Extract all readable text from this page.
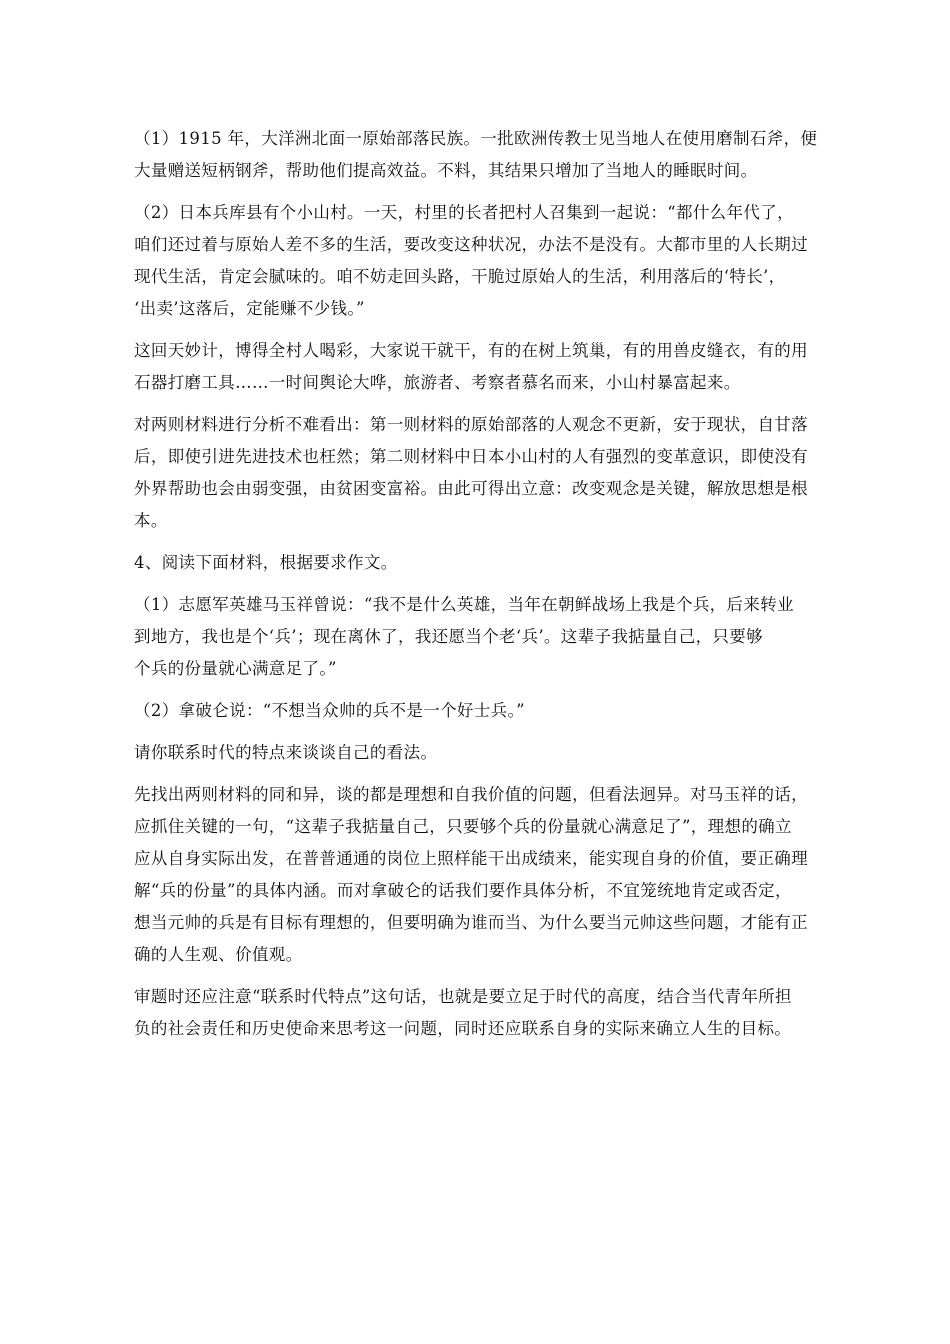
（1）1915 年，大洋洲北面一原始部落民族。一批欧洲传教士见当地人在使用磨制石斧，便
大量赠送短柄钢斧，帮助他们提高效益。不料，其结果只增加了当地人的睡眠时间。
（2）日本兵库县有个小山村。一天，村里的长者把村人召集到一起说：“都什么年代了，
咱们还过着与原始人差不多的生活，要改变这种状况，办法不是没有。大都市里的人长期过
现代生活，肯定会腻味的。咱不妨走回头路，干脆过原始人的生活，利用落后的‘特长’，
‘出卖’这落后，定能赚不少钱。”
这回天妙计，博得全村人喝彩，大家说干就干，有的在树上筑巢，有的用兽皮缝衣，有的用
石器打磨工具……一时间舆论大哗，旅游者、考察者慕名而来，小山村暴富起来。
对两则材料进行分析不难看出：第一则材料的原始部落的人观念不更新，安于现状，自甘落
后，即使引进先进技术也枉然；第二则材料中日本小山村的人有强烈的变革意识，即使没有
外界帮助也会由弱变强，由贫困变富裕。由此可得出立意：改变观念是关键，解放思想是根
本。
4、阅读下面材料，根据要求作文。
（1）志愿军英雄马玉祥曾说：“我不是什么英雄，当年在朝鲜战场上我是个兵，后来转业
到地方，我也是个‘兵’；现在离休了，我还愿当个老‘兵’。这辈子我掂量自己，只要够
个兵的份量就心满意足了。”
（2）拿破仑说：“不想当众帅的兵不是一个好士兵。”
请你联系时代的特点来谈谈自己的看法。
先找出两则材料的同和异，谈的都是理想和自我价值的问题，但看法迥异。对马玉祥的话，
应抓住关键的一句，“这辈子我掂量自己，只要够个兵的份量就心满意足了”，理想的确立
应从自身实际出发，在普普通通的岗位上照样能干出成绩来，能实现自身的价值，要正确理
解“兵的份量”的具体内涵。而对拿破仑的话我们要作具体分析，不宜笼统地肯定或否定，
想当元帅的兵是有目标有理想的，但要明确为谁而当、为什么要当元帅这些问题，才能有正
确的人生观、价值观。
审题时还应注意“联系时代特点”这句话，也就是要立足于时代的高度，结合当代青年所担
负的社会责任和历史使命来思考这一问题，同时还应联系自身的实际来确立人生的目标。
